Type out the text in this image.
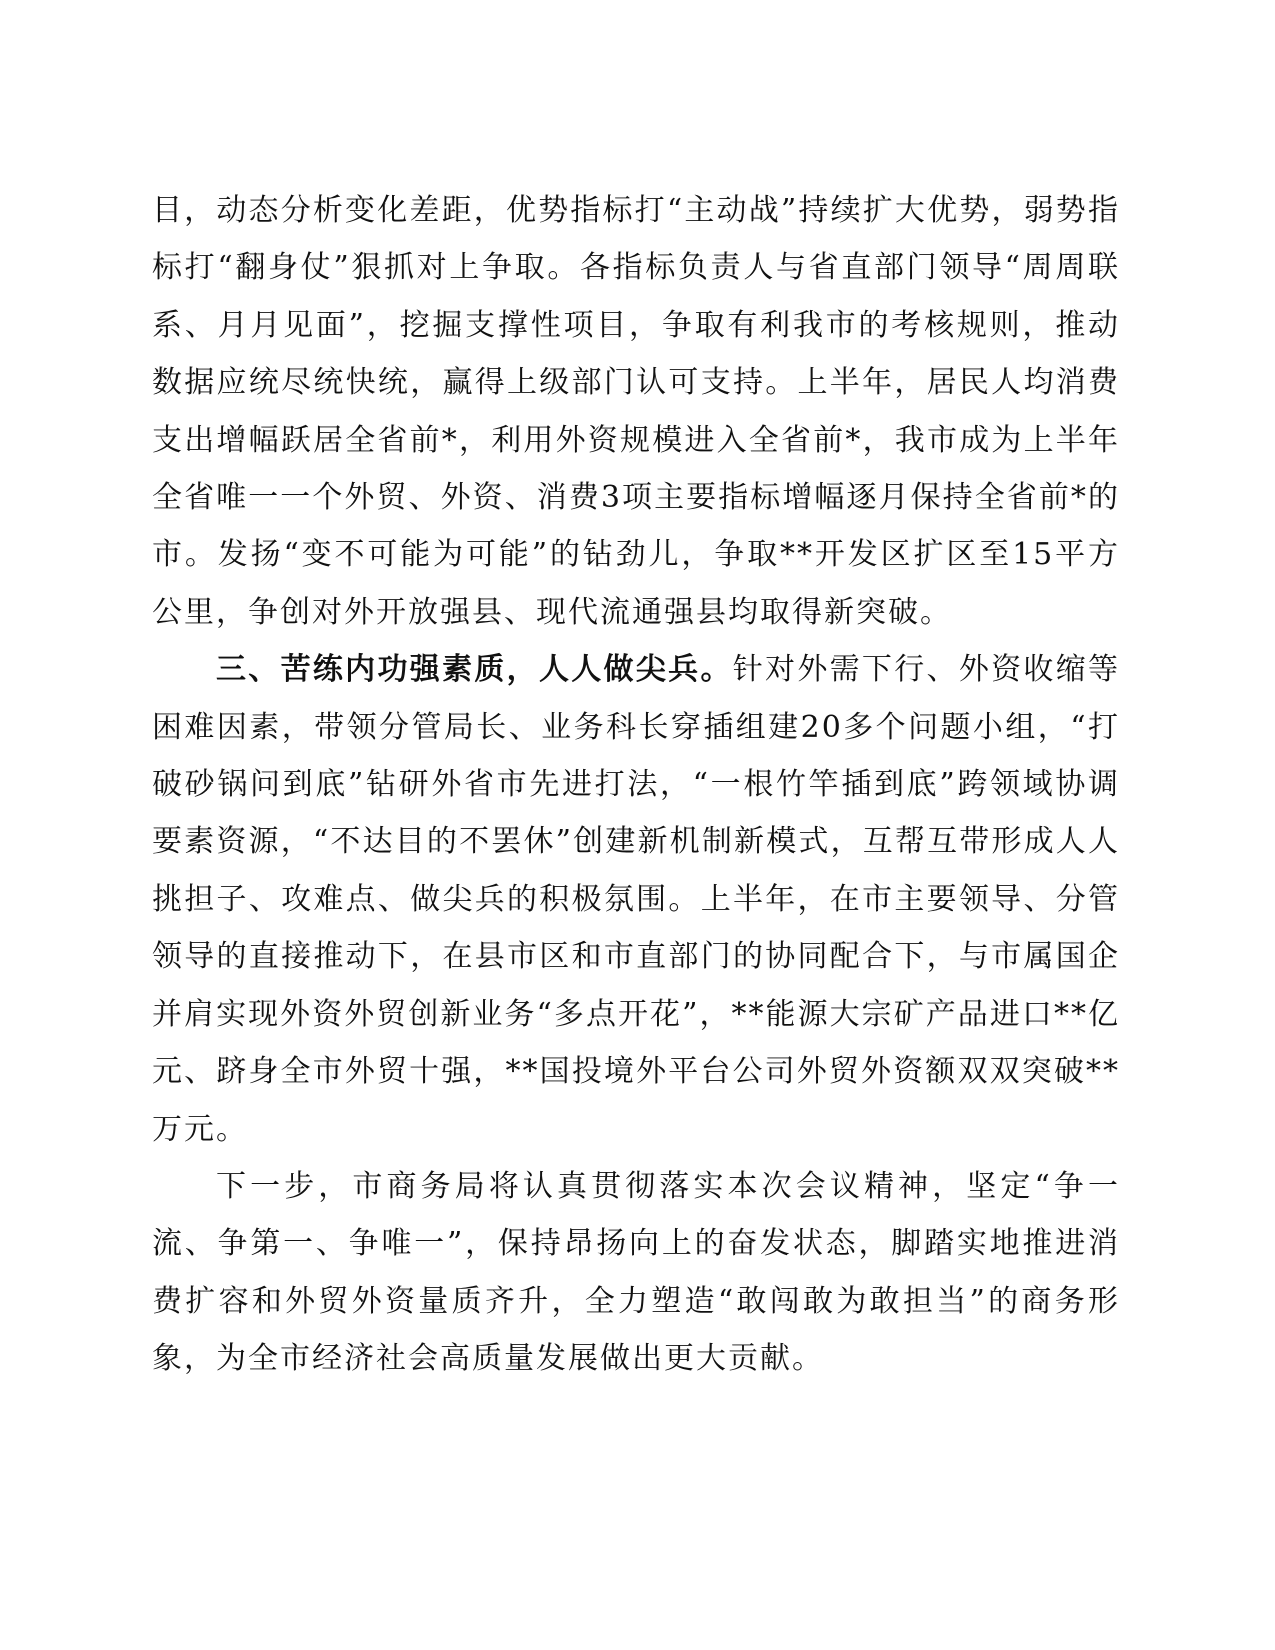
目，动态分析变化差距，优势指标打“主动战”持续扩大优势，弱势指标打“翻身仗”狠抓对上争取。各指标负责人与省直部门领导“周周联系、月月见面”，挖掘支撑性项目，争取有利我市的考核规则，推动数据应统尽统快统，赢得上级部门认可支持。上半年，居民人均消费支出增幅跃居全省前*，利用外资规模进入全省前*，我市成为上半年全省唯一一个外贸、外资、消费3项主要指标增幅逐月保持全省前*的市。发扬“变不可能为可能”的钻劲儿，争取**开发区扩区至15平方公里，争创对外开放强县、现代流通强县均取得新突破。

三、苦练内功强素质，人人做尖兵。针对外需下行、外资收缩等困难因素，带领分管局长、业务科长穿插组建20多个问题小组，“打破砂锅问到底”钻研外省市先进打法，“一根竹竿插到底”跨领域协调要素资源，“不达目的不罢休”创建新机制新模式，互帮互带形成人人挑担子、攻难点、做尖兵的积极氛围。上半年，在市主要领导、分管领导的直接推动下，在县市区和市直部门的协同配合下，与市属国企并肩实现外资外贸创新业务“多点开花”，**能源大宗矿产品进口**亿元、跻身全市外贸十强，**国投境外平台公司外贸外资额双双突破**万元。

下一步，市商务局将认真贯彻落实本次会议精神，坚定“争一流、争第一、争唯一”，保持昂扬向上的奋发状态，脚踏实地推进消费扩容和外贸外资量质齐升，全力塑造“敢闯敢为敢担当”的商务形象，为全市经济社会高质量发展做出更大贡献。
